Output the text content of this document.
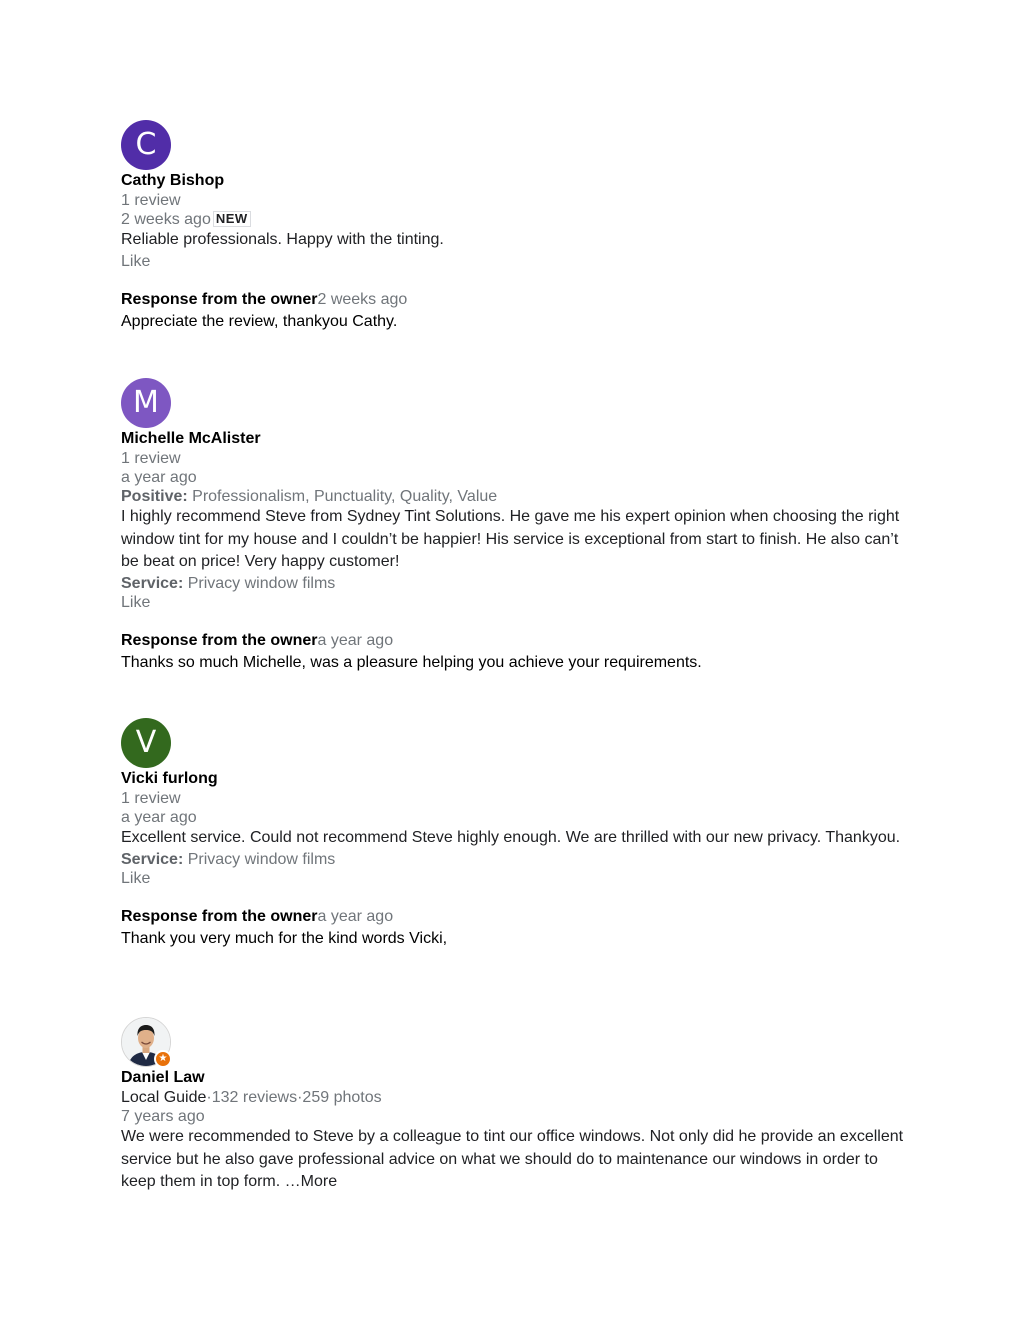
C
Cathy Bishop
1 review
2 weeks ago NEW
Reliable professionals. Happy with the tinting.
Like
Response from the owner2 weeks ago
Appreciate the review, thankyou Cathy.
M
Michelle McAlister
1 review
a year ago
Positive: Professionalism, Punctuality, Quality, Value
I highly recommend Steve from Sydney Tint Solutions. He gave me his expert opinion when choosing the right window tint for my house and I couldn’t be happier! His service is exceptional from start to finish. He also can’t be beat on price! Very happy customer!
Service: Privacy window films
Like
Response from the ownera year ago
Thanks so much Michelle, was a pleasure helping you achieve your requirements.
V
Vicki furlong
1 review
a year ago
Excellent service. Could not recommend Steve highly enough. We are thrilled with our new privacy. Thankyou.
Service: Privacy window films
Like
Response from the ownera year ago
Thank you very much for the kind words Vicki,
★
Daniel Law
Local Guide·132 reviews·259 photos
7 years ago
We were recommended to Steve by a colleague to tint our office windows. Not only did he provide an excellent service but he also gave professional advice on what we should do to maintenance our windows in order to keep them in top form. …More
